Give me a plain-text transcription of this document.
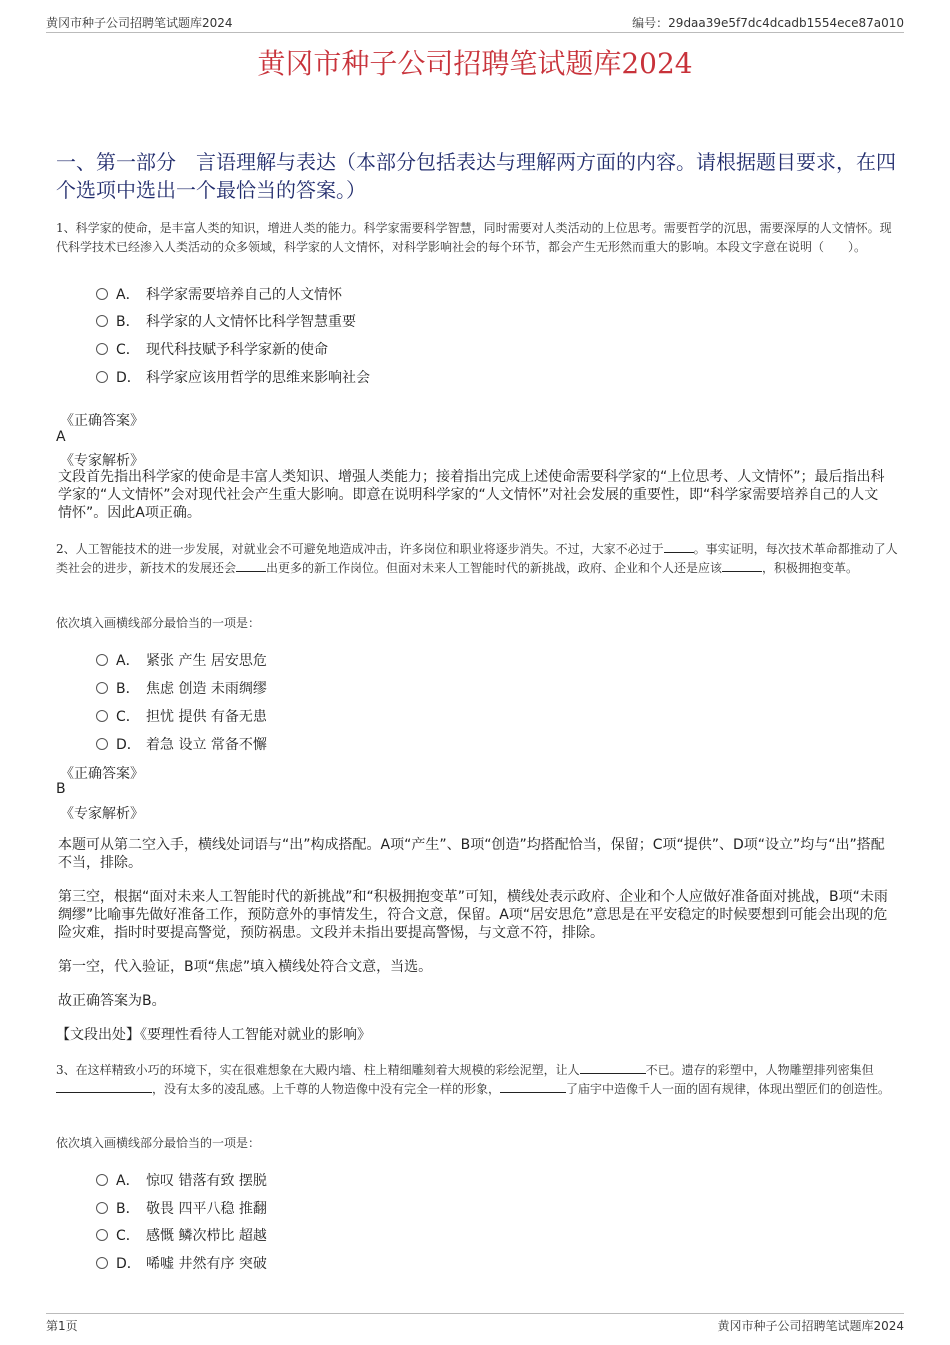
黄冈市种子公司招聘笔试题库2024	编号：29daa39e5f7dc4dcadb1554ece87a010
黄冈市种子公司招聘笔试题库2024
一、第一部分　言语理解与表达（本部分包括表达与理解两方面的内容。请根据题目要求，在四个选项中选出一个最恰当的答案。）
1、科学家的使命，是丰富人类的知识，增进人类的能力。科学家需要科学智慧，同时需要对人类活动的上位思考。需要哲学的沉思，需要深厚的人文情怀。现代科学技术已经渗入人类活动的众多领域，科学家的人文情怀，对科学影响社会的每个环节，都会产生无形然而重大的影响。本段文字意在说明（　　）。
A． 科学家需要培养自己的人文情怀
B． 科学家的人文情怀比科学智慧重要
C． 现代科技赋予科学家新的使命
D． 科学家应该用哲学的思维来影响社会
《正确答案》
A
《专家解析》
文段首先指出科学家的使命是丰富人类知识、增强人类能力；接着指出完成上述使命需要科学家的“上位思考、人文情怀”；最后指出科学家的“人文情怀”会对现代社会产生重大影响。即意在说明科学家的“人文情怀”对社会发展的重要性，即“科学家需要培养自己的人文情怀”。因此A项正确。
2、人工智能技术的进一步发展，对就业会不可避免地造成冲击，许多岗位和职业将逐步消失。不过，大家不必过于	。事实证明，每次技术革命都推动了人类社会的进步，新技术的发展还会	出更多的新工作岗位。但面对未来人工智能时代的新挑战，政府、企业和个人还是应该	，积极拥抱变革。
依次填入画横线部分最恰当的一项是：
A． 紧张 产生 居安思危
B． 焦虑 创造 未雨绸缪
C． 担忧 提供 有备无患
D． 着急 设立 常备不懈
《正确答案》
B
《专家解析》
本题可从第二空入手，横线处词语与“出”构成搭配。A项“产生”、B项“创造”均搭配恰当，保留；C项“提供”、D项“设立”均与“出”搭配不当，排除。
第三空，根据“面对未来人工智能时代的新挑战”和“积极拥抱变革”可知，横线处表示政府、企业和个人应做好准备面对挑战，B项“未雨绸缪”比喻事先做好准备工作，预防意外的事情发生，符合文意，保留。A项“居安思危”意思是在平安稳定的时候要想到可能会出现的危险灾难，指时时要提高警觉，预防祸患。文段并未指出要提高警惕，与文意不符，排除。
第一空，代入验证，B项“焦虑”填入横线处符合文意，当选。
故正确答案为B。
【文段出处】《要理性看待人工智能对就业的影响》
3、在这样精致小巧的环境下，实在很难想象在大殿内墙、柱上精细雕刻着大规模的彩绘泥塑，让人	不已。遗存的彩塑中，人物雕塑排列密集但，没有太多的凌乱感。上千尊的人物造像中没有完全一样的形象，	了庙宇中造像千人一面的固有规律，体现出塑匠们的创造性。
依次填入画横线部分最恰当的一项是：
A． 惊叹 错落有致 摆脱
B． 敬畏 四平八稳 推翻
C． 感慨 鳞次栉比 超越
D． 唏嘘 井然有序 突破
第1页	黄冈市种子公司招聘笔试题库2024
